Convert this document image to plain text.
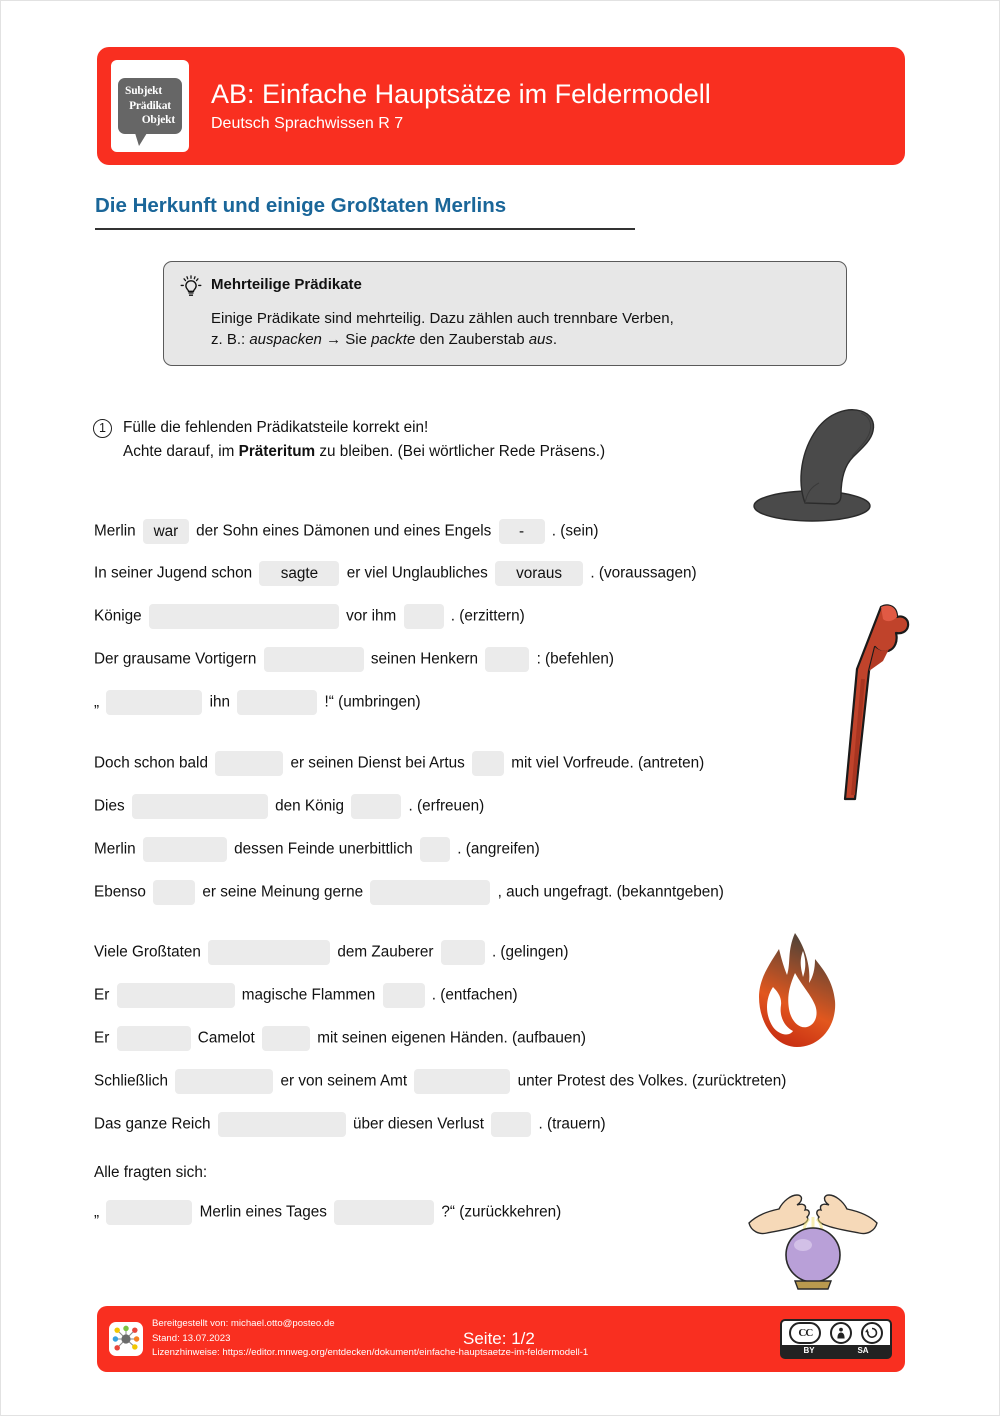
Subjekt
Prädikat
Objekt
AB: Einfache Hauptsätze im Feldermodell
Deutsch Sprachwissen R 7
Die Herkunft und einige Großtaten Merlins
Mehrteilige Prädikate
Einige Prädikate sind mehrteilig. Dazu zählen auch trennbare Verben,
z. B.: auspacken → Sie packte den Zauberstab aus.
1	Fülle die fehlenden Prädikatsteile korrekt ein!
Achte darauf, im Präteritum zu bleiben. (Bei wörtlicher Rede Präsens.)
Merlin war der Sohn eines Dämonen und eines Engels - . (sein)
In seiner Jugend schon sagte er viel Unglaubliches voraus . (voraussagen)
Könige	vor ihm	. (erzittern)
Der grausame Vortigern	seinen Henkern	: (befehlen)
„	ihn	!“ (umbringen)
Doch schon bald	er seinen Dienst bei Artus	mit viel Vorfreude. (antreten)
Dies	den König	. (erfreuen)
Merlin	dessen Feinde unerbittlich	. (angreifen)
Ebenso	er seine Meinung gerne	, auch ungefragt. (bekanntgeben)
Viele Großtaten	dem Zauberer	. (gelingen)
Er	magische Flammen	. (entfachen)
Er	Camelot	mit seinen eigenen Händen. (aufbauen)
Schließlich	er von seinem Amt	unter Protest des Volkes. (zurücktreten)
Das ganze Reich	über diesen Verlust	. (trauern)
Alle fragten sich:
„	Merlin eines Tages	?“ (zurückkehren)
Bereitgestellt von: michael.otto@posteo.de
Stand: 13.07.2023
Lizenzhinweise: https://editor.mnweg.org/entdecken/dokument/einfache-hauptsaetze-im-feldermodell-1
Seite: 1/2	CC
BY	SA
